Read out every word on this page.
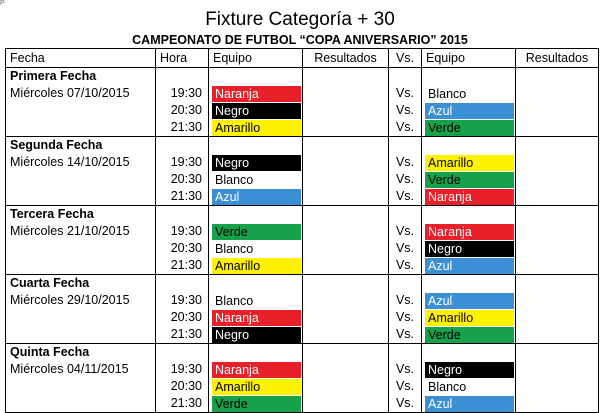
P
Fixture Categoría + 30
CAMPEONATO DE FUTBOL “COPA ANIVERSARIO” 2015
Fecha	Hora	Equipo	Resultados	Vs.	Equipo	Resultados
Primera Fecha						
Miércoles 07/10/2015	19:30	Naranja		Vs.	Blanco	

	20:30	Negro		Vs.	Azul	

	21:30	Amarillo		Vs.	Verde	

Segunda Fecha						
Miércoles 14/10/2015	19:30	Negro		Vs.	Amarillo	

	20:30	Blanco		Vs.	Verde	

	21:30	Azul		Vs.	Naranja	

Tercera Fecha						
Miércoles 21/10/2015	19:30	Verde		Vs.	Naranja	

	20:30	Blanco		Vs.	Negro	

	21:30	Amarillo		Vs.	Azul	

Cuarta Fecha						
Miércoles 29/10/2015	19:30	Blanco		Vs.	Azul	

	20:30	Naranja		Vs.	Amarillo	

	21:30	Negro		Vs.	Verde	

Quinta Fecha						
Miércoles 04/11/2015	19:30	Naranja		Vs.	Negro	

	20:30	Amarillo		Vs.	Blanco	

	21:30	Verde		Vs.	Azul	
